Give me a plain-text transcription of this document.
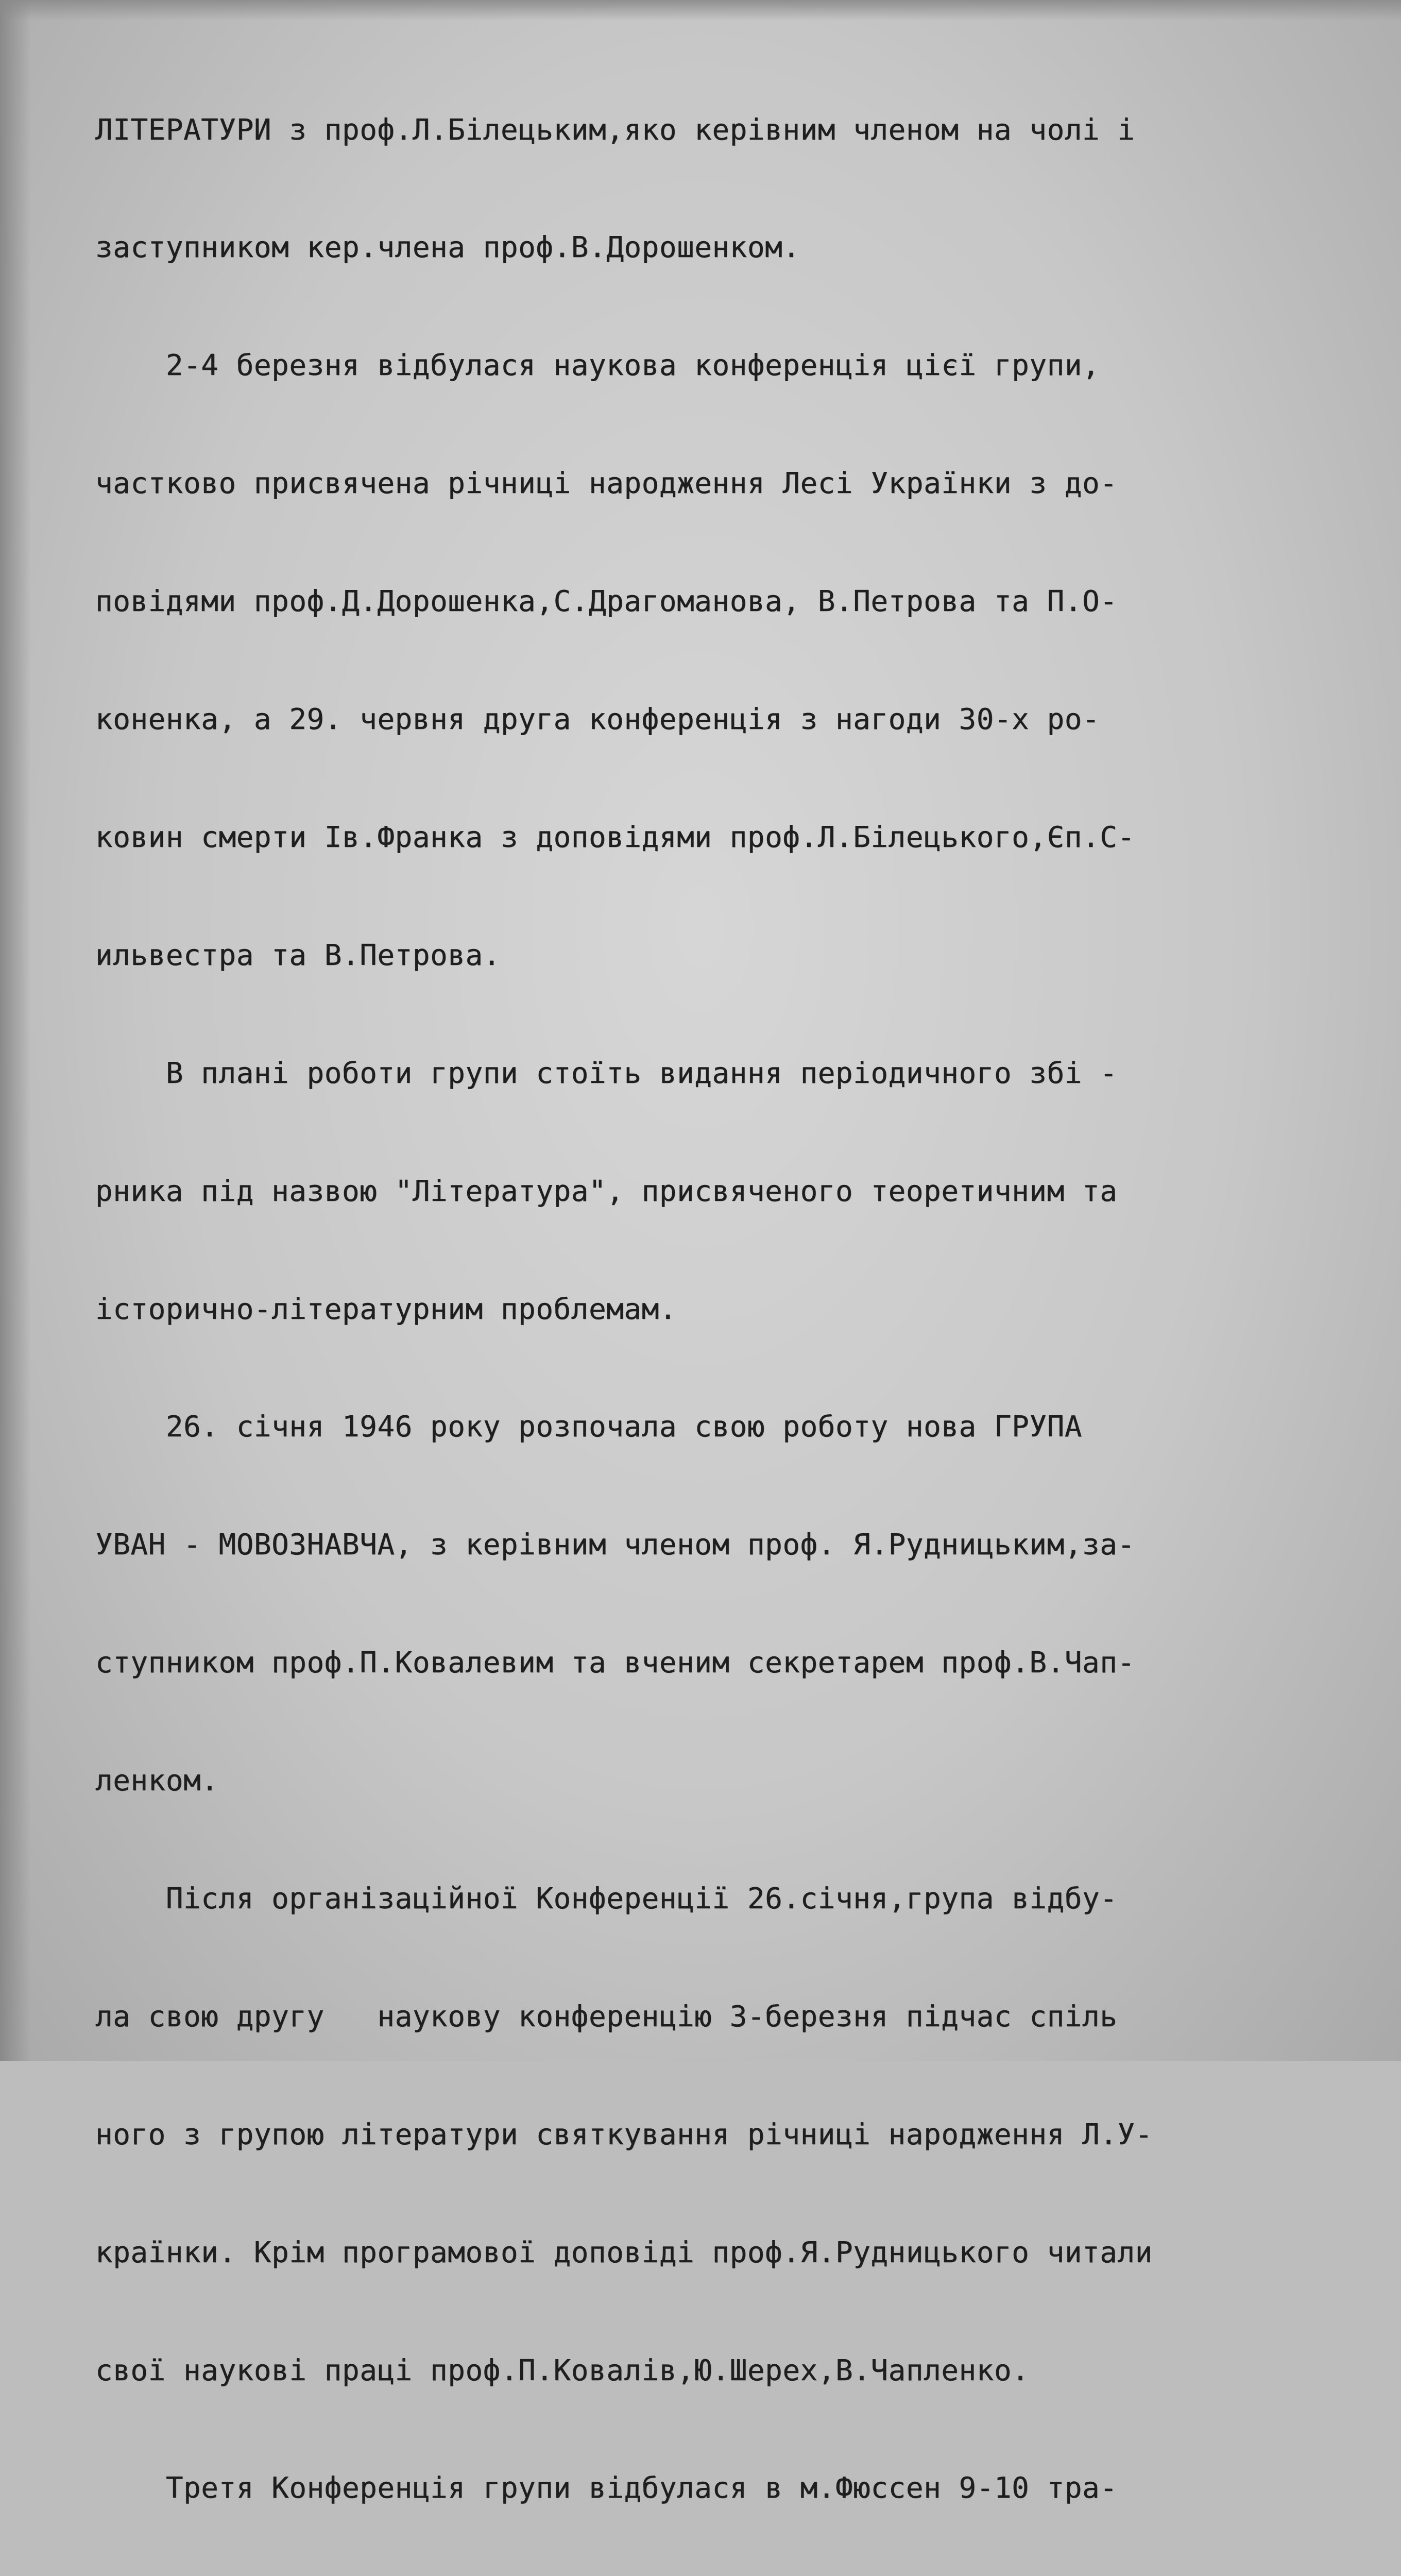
ЛІТЕРАТУРИ з проф.Л.Білецьким,яко керівним членом на чолі і

заступником кер.члена проф.В.Дорошенком.

2-4 березня відбулася наукова конференція цієї групи,

частково присвячена річниці народження Лесі Українки з до-

повідями проф.Д.Дорошенка,С.Драгоманова, В.Петрова та П.О-

коненка, а 29. червня друга конференція з нагоди 30-х ро-

ковин смерти Ів.Франка з доповідями проф.Л.Білецького,Єп.С-

ильвестра та В.Петрова.

В плані роботи групи стоїть видання періодичного збі -

рника під назвою "Література", присвяченого теоретичним та

історично-літературним проблемам.

26. січня 1946 року розпочала свою роботу нова ГРУПА

УВАН - МОВОЗНАВЧА, з керівним членом проф. Я.Рудницьким,за-

ступником проф.П.Ковалевим та вченим секретарем проф.В.Чап-

ленком.

Після організаційної Конференції 26.січня,група відбу-

ла свою другу   наукову конференцію 3-березня підчас спіль

ного з групою літератури святкування річниці народження Л.У-

країнки. Крім програмової доповіді проф.Я.Рудницького читали

свої наукові праці проф.П.Ковалів,Ю.Шерех,В.Чапленко.

Третя Конференція групи відбулася в м.Фюссен 9-10 тра-
